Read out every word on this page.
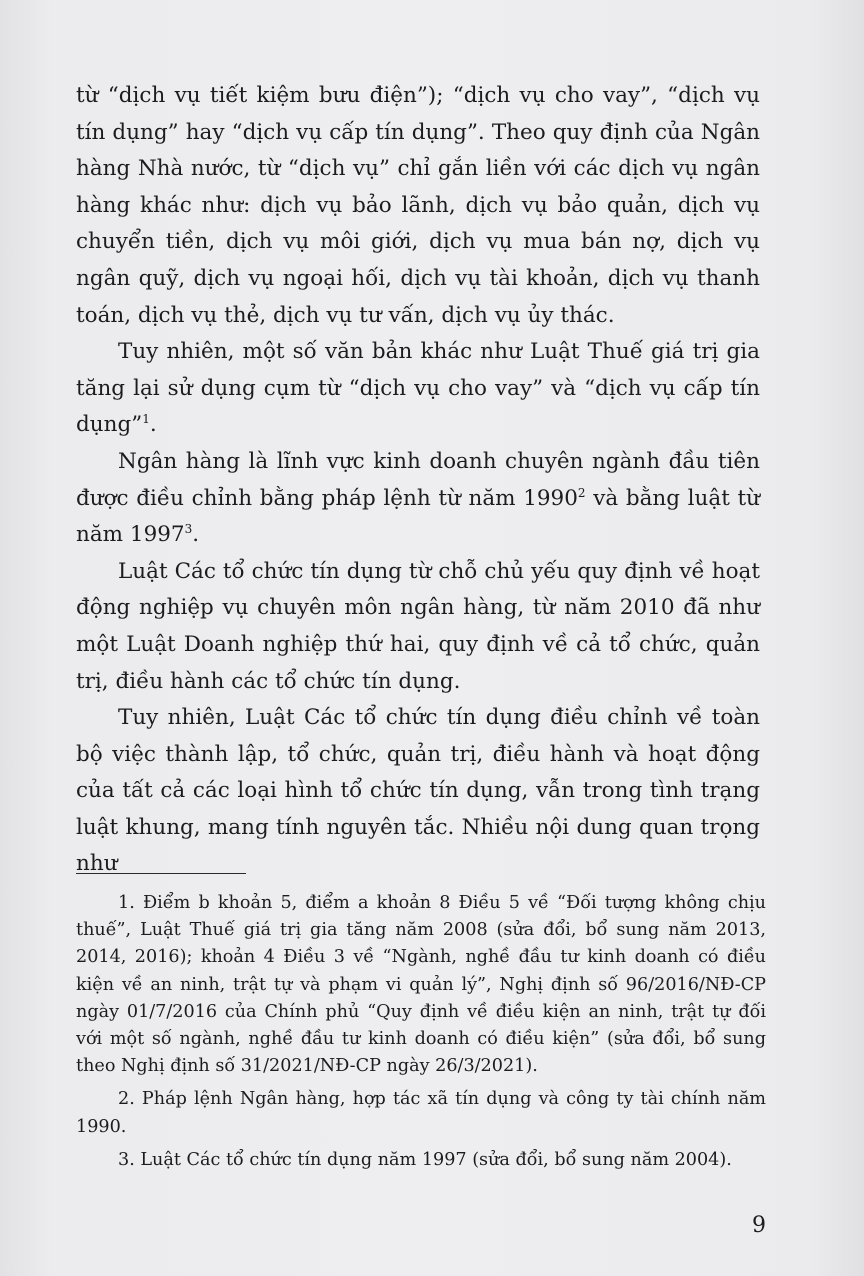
từ “dịch vụ tiết kiệm bưu điện”); “dịch vụ cho vay”, “dịch vụ tín dụng” hay “dịch vụ cấp tín dụng”. Theo quy định của Ngân hàng Nhà nước, từ “dịch vụ” chỉ gắn liền với các dịch vụ ngân hàng khác như: dịch vụ bảo lãnh, dịch vụ bảo quản, dịch vụ chuyển tiền, dịch vụ môi giới, dịch vụ mua bán nợ, dịch vụ ngân quỹ, dịch vụ ngoại hối, dịch vụ tài khoản, dịch vụ thanh toán, dịch vụ thẻ, dịch vụ tư vấn, dịch vụ ủy thác.

Tuy nhiên, một số văn bản khác như Luật Thuế giá trị gia tăng lại sử dụng cụm từ “dịch vụ cho vay” và “dịch vụ cấp tín dụng”$^1$.

Ngân hàng là lĩnh vực kinh doanh chuyên ngành đầu tiên được điều chỉnh bằng pháp lệnh từ năm 1990$^2$ và bằng luật từ năm 1997$^3$.

Luật Các tổ chức tín dụng từ chỗ chủ yếu quy định về hoạt động nghiệp vụ chuyên môn ngân hàng, từ năm 2010 đã như một Luật Doanh nghiệp thứ hai, quy định về cả tổ chức, quản trị, điều hành các tổ chức tín dụng.

Tuy nhiên, Luật Các tổ chức tín dụng điều chỉnh về toàn bộ việc thành lập, tổ chức, quản trị, điều hành và hoạt động của tất cả các loại hình tổ chức tín dụng, vẫn trong tình trạng luật khung, mang tính nguyên tắc. Nhiều nội dung quan trọng như

1. Điểm b khoản 5, điểm a khoản 8 Điều 5 về “Đối tượng không chịu thuế”, Luật Thuế giá trị gia tăng năm 2008 (sửa đổi, bổ sung năm 2013, 2014, 2016); khoản 4 Điều 3 về “Ngành, nghề đầu tư kinh doanh có điều kiện về an ninh, trật tự và phạm vi quản lý”, Nghị định số 96/2016/NĐ-CP ngày 01/7/2016 của Chính phủ “Quy định về điều kiện an ninh, trật tự đối với một số ngành, nghề đầu tư kinh doanh có điều kiện” (sửa đổi, bổ sung theo Nghị định số 31/2021/NĐ-CP ngày 26/3/2021).

2. Pháp lệnh Ngân hàng, hợp tác xã tín dụng và công ty tài chính năm 1990.

3. Luật Các tổ chức tín dụng năm 1997 (sửa đổi, bổ sung năm 2004).

9
